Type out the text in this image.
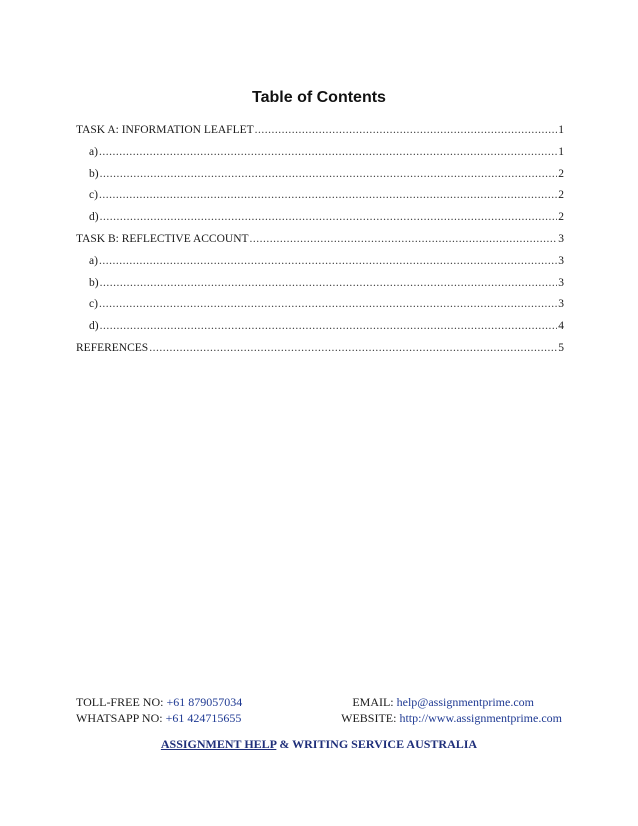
Table of Contents
TASK A: INFORMATION LEAFLET .....	1
a) .....	1
b) .....	2
c) .....	2
d) .....	2
TASK B: REFLECTIVE ACCOUNT .....	3
a) .....	3
b) .....	3
c) .....	3
d) .....	4
REFERENCES .....	5
TOLL-FREE NO: +61 879057034	EMAIL: help@assignmentprime.com
WHATSAPP NO: +61 424715655	WEBSITE: http://www.assignmentprime.com
ASSIGNMENT HELP & WRITING SERVICE AUSTRALIA
